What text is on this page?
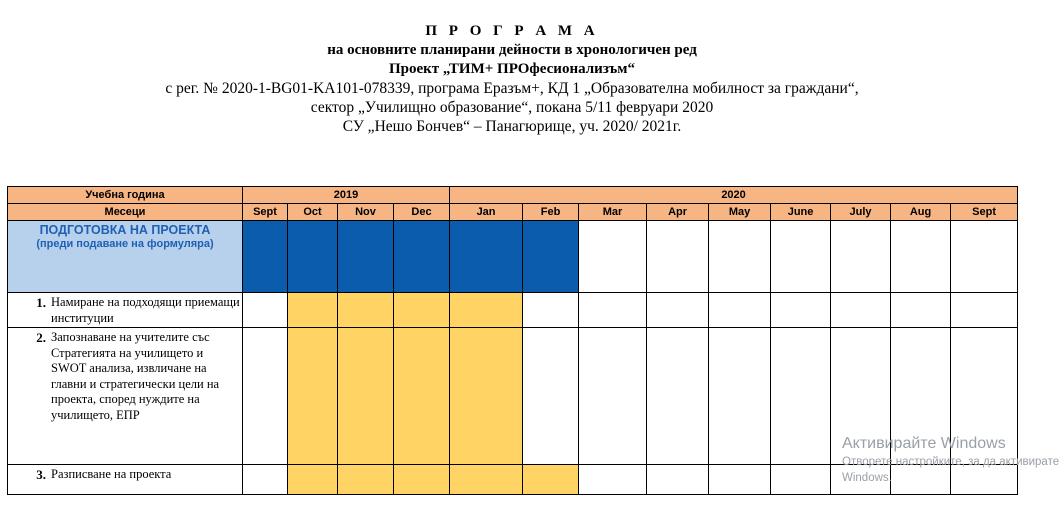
П Р О Г Р А М А
на основните планирани дейности в хронологичен ред
Проект „ТИМ+ ПРОфесионализъм“
с рег. № 2020-1-BG01-KA101-078339, програма Еразъм+, КД 1 „Образователна мобилност за граждани“,
сектор „Училищно образование“, покана 5/11 февруари 2020
СУ „Нешо Бончев“ – Панагюрище, уч. 2020/ 2021г.
Учебна година	2019				2020								
Месеци	Sept	Oct	Nov	Dec	Jan	Feb	Mar	Apr	May	June	July	Aug	Sept

ПОДГОТОВКА НА ПРОЕКТА
(преди подаване на формуляра)													

1. Намиране на подходящи приемащи институции													

2. Запознаване на учителите със Стратегията на училището и SWOT анализа, извличане на главни и стратегически цели на проекта, според нуждите на училището, ЕПР													

3. Разписване на проекта													

Активирайте Windows
Отворете настройките, за да активирате
Windows.
